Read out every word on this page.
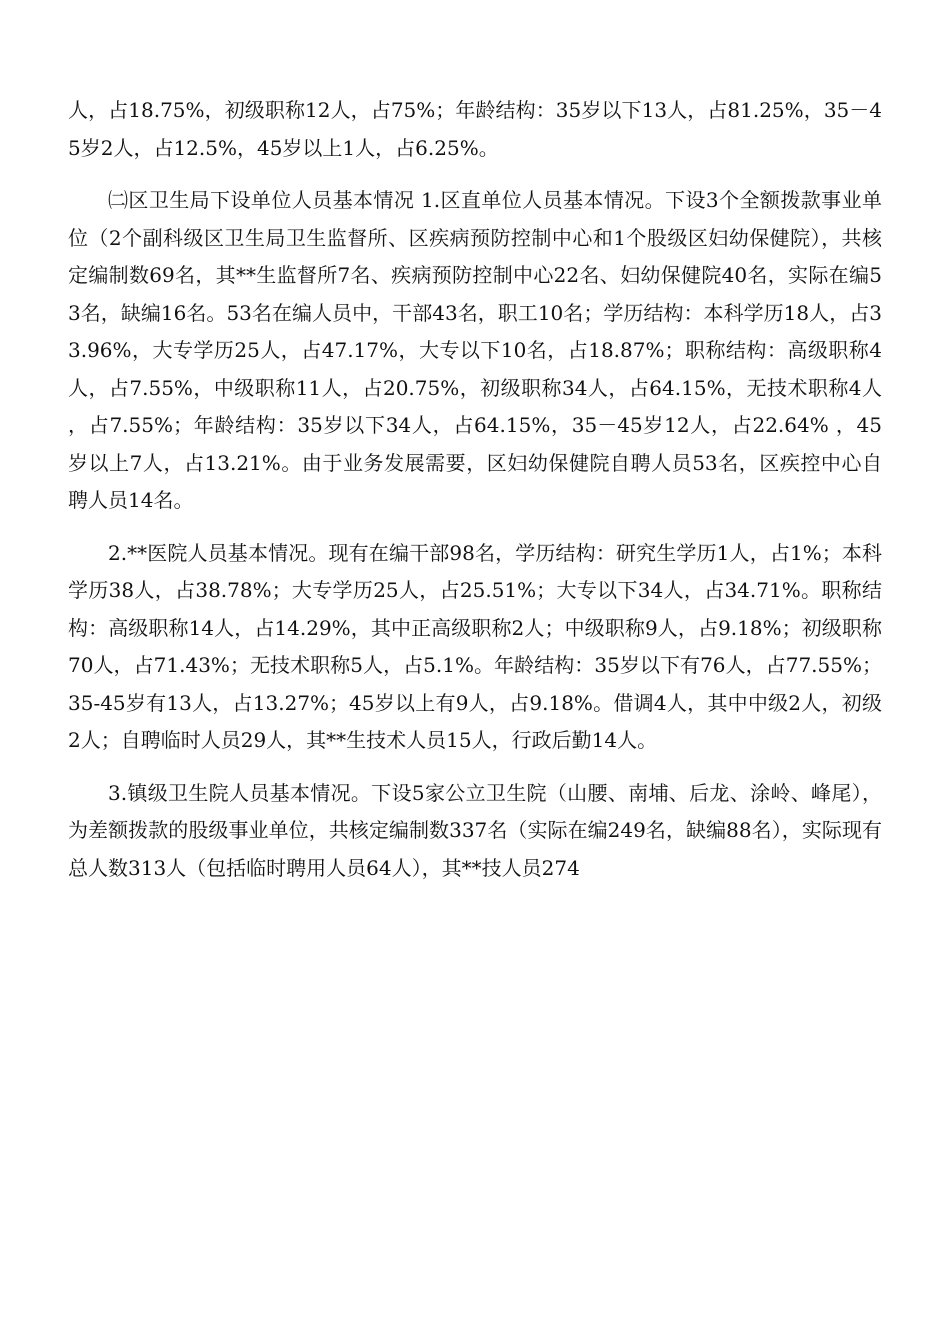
人，占18.75%，初级职称12人，占75%；年龄结构：35岁以下13人，占81.25%，35－45岁2人，占12.5%，45岁以上1人，占6.25%。

㈡区卫生局下设单位人员基本情况 1.区直单位人员基本情况。下设3个全额拨款事业单位（2个副科级区卫生局卫生监督所、区疾病预防控制中心和1个股级区妇幼保健院），共核定编制数69名，其**生监督所7名、疾病预防控制中心22名、妇幼保健院40名，实际在编53名，缺编16名。53名在编人员中，干部43名，职工10名；学历结构：本科学历18人，占33.96%，大专学历25人，占47.17%，大专以下10名，占18.87%；职称结构：高级职称4人，占7.55%，中级职称11人，占20.75%，初级职称34人，占64.15%，无技术职称4人，占7.55%；年龄结构：35岁以下34人，占64.15%，35－45岁12人，占22.64% ，45岁以上7人，占13.21%。由于业务发展需要，区妇幼保健院自聘人员53名，区疾控中心自聘人员14名。

2.**医院人员基本情况。现有在编干部98名，学历结构：研究生学历1人，占1%；本科学历38人，占38.78%；大专学历25人，占25.51%；大专以下34人，占34.71%。职称结构：高级职称14人，占14.29%，其中正高级职称2人；中级职称9人，占9.18%；初级职称70人，占71.43%；无技术职称5人，占5.1%。年龄结构：35岁以下有76人，占77.55%；35-45岁有13人，占13.27%；45岁以上有9人，占9.18%。借调4人，其中中级2人，初级2人；自聘临时人员29人，其**生技术人员15人，行政后勤14人。

3.镇级卫生院人员基本情况。下设5家公立卫生院（山腰、南埔、后龙、涂岭、峰尾），为差额拨款的股级事业单位，共核定编制数337名（实际在编249名，缺编88名），实际现有总人数313人（包括临时聘用人员64人），其**技人员274
